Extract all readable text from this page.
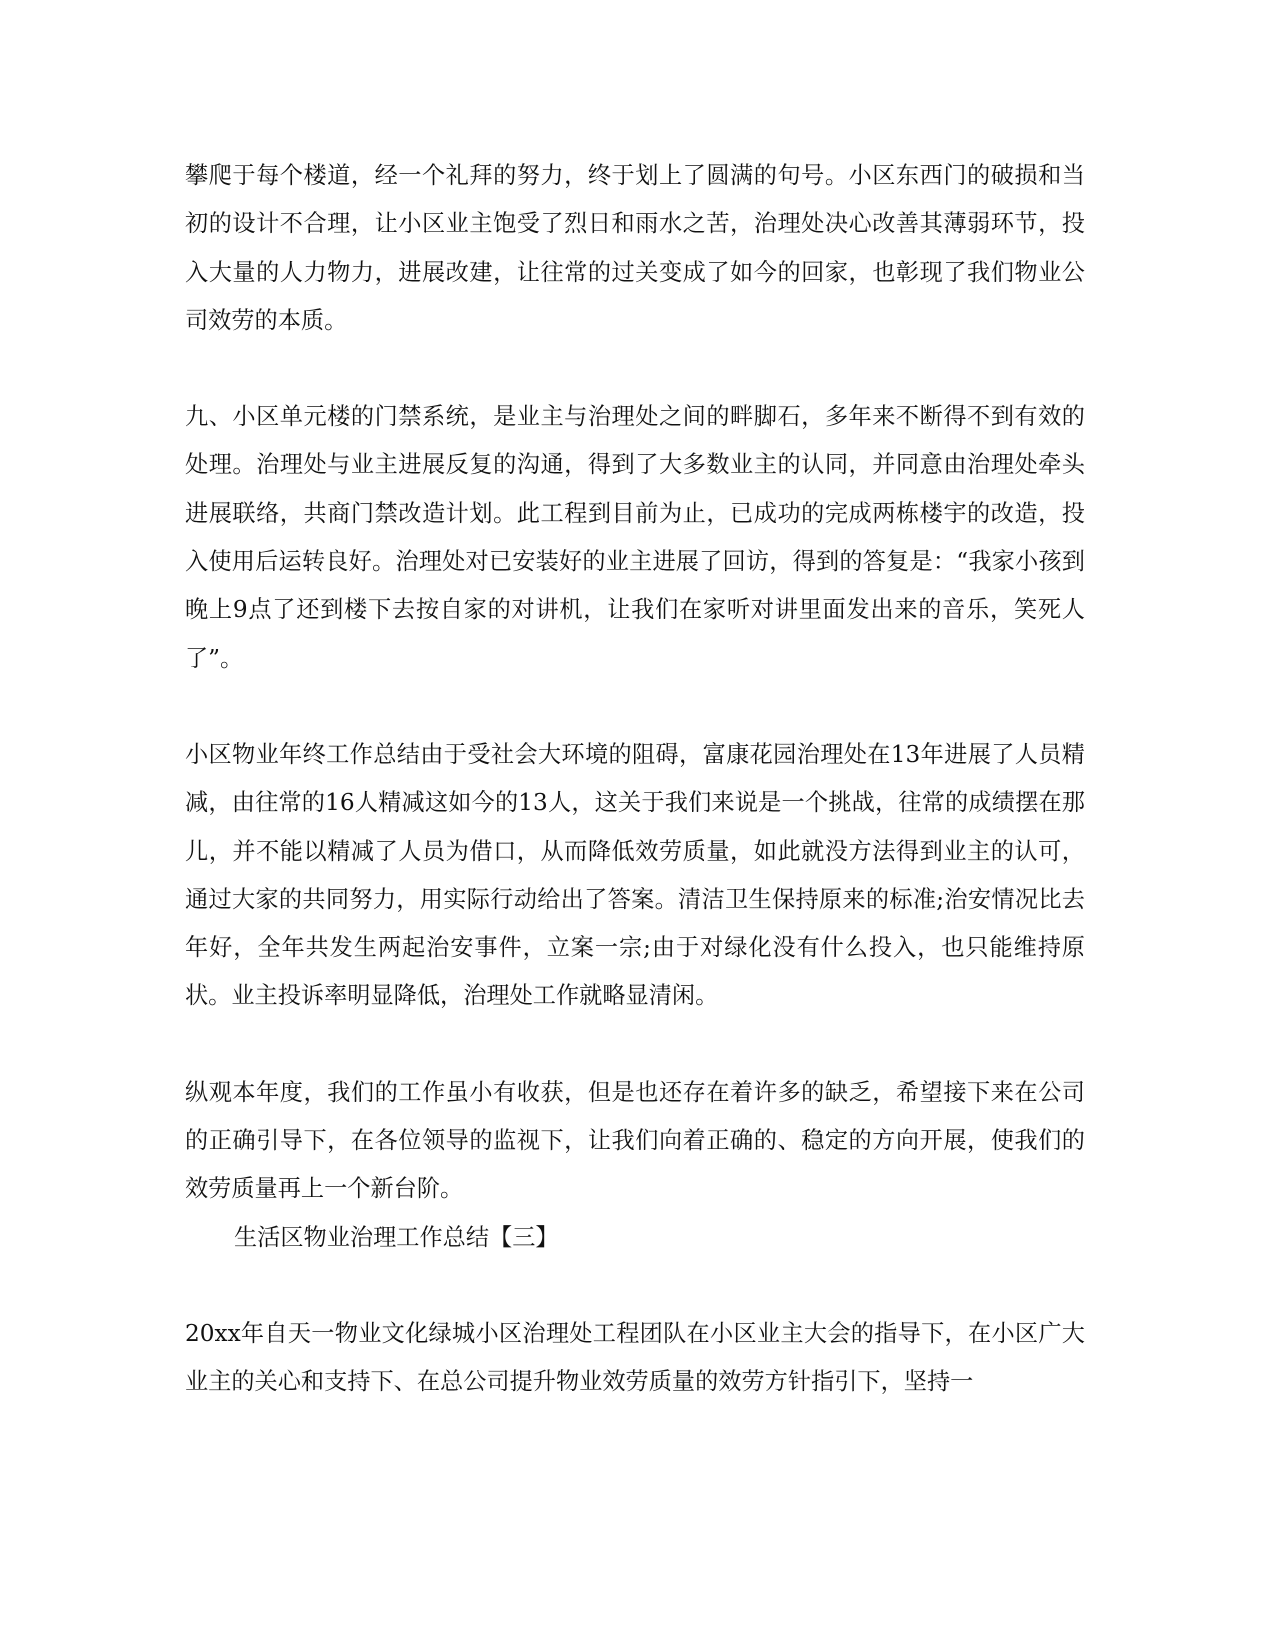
攀爬于每个楼道，经一个礼拜的努力，终于划上了圆满的句号。小区东西门的破损和当初的设计不合理，让小区业主饱受了烈日和雨水之苦，治理处决心改善其薄弱环节，投入大量的人力物力，进展改建，让往常的过关变成了如今的回家，也彰现了我们物业公司效劳的本质。

九、小区单元楼的门禁系统，是业主与治理处之间的畔脚石，多年来不断得不到有效的处理。治理处与业主进展反复的沟通，得到了大多数业主的认同，并同意由治理处牵头进展联络，共商门禁改造计划。此工程到目前为止，已成功的完成两栋楼宇的改造，投入使用后运转良好。治理处对已安装好的业主进展了回访，得到的答复是：“我家小孩到晚上9点了还到楼下去按自家的对讲机，让我们在家听对讲里面发出来的音乐，笑死人了”。

小区物业年终工作总结由于受社会大环境的阻碍，富康花园治理处在13年进展了人员精减，由往常的16人精减这如今的13人，这关于我们来说是一个挑战，往常的成绩摆在那儿，并不能以精减了人员为借口，从而降低效劳质量，如此就没方法得到业主的认可，通过大家的共同努力，用实际行动给出了答案。清洁卫生保持原来的标准;治安情况比去年好，全年共发生两起治安事件，立案一宗;由于对绿化没有什么投入，也只能维持原状。业主投诉率明显降低，治理处工作就略显清闲。

纵观本年度，我们的工作虽小有收获，但是也还存在着许多的缺乏，希望接下来在公司的正确引导下，在各位领导的监视下，让我们向着正确的、稳定的方向开展，使我们的效劳质量再上一个新台阶。

生活区物业治理工作总结【三】

20xx年自天一物业文化绿城小区治理处工程团队在小区业主大会的指导下，在小区广大业主的关心和支持下、在总公司提升物业效劳质量的效劳方针指引下，坚持一
